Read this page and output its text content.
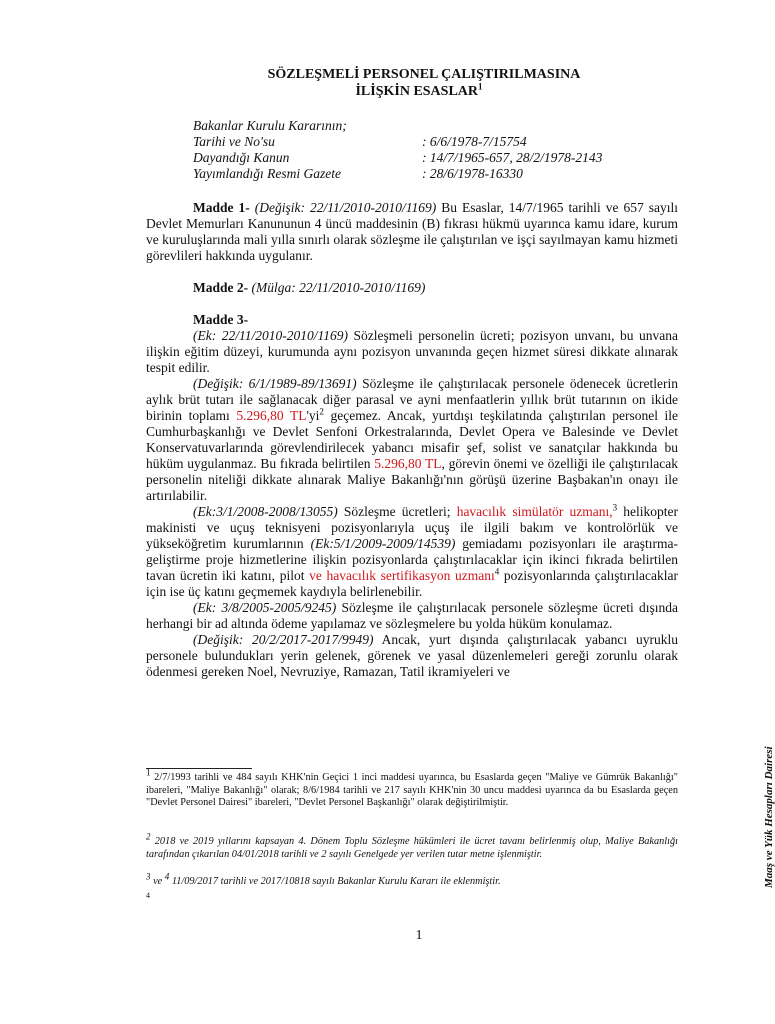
SÖZLEŞMELİ PERSONEL ÇALIŞTIRILMASINA
İLİŞKİN ESASLAR$^1$
Bakanlar Kurulu Kararının;
Tarihi ve No'su	: 6/6/1978-7/15754
Dayandığı Kanun	: 14/7/1965-657, 28/2/1978-2143
Yayımlandığı Resmi Gazete	: 28/6/1978-16330

Madde 1- (Değişik: 22/11/2010-2010/1169) Bu Esaslar, 14/7/1965 tarihli ve 657 sayılı Devlet Memurları Kanununun 4 üncü maddesinin (B) fıkrası hükmü uyarınca kamu idare, kurum ve kuruluşlarında mali yılla sınırlı olarak sözleşme ile çalıştırılan ve işçi sayılmayan kamu hizmeti görevlileri hakkında uygulanır.

Madde 2- (Mülga: 22/11/2010-2010/1169)

Madde 3-

(Ek: 22/11/2010-2010/1169) Sözleşmeli personelin ücreti; pozisyon unvanı, bu unvana ilişkin eğitim düzeyi, kurumunda aynı pozisyon unvanında geçen hizmet süresi dikkate alınarak tespit edilir.

(Değişik: 6/1/1989-89/13691) Sözleşme ile çalıştırılacak personele ödenecek ücretlerin aylık brüt tutarı ile sağlanacak diğer parasal ve ayni menfaatlerin yıllık brüt tutarının on ikide birinin toplamı 5.296,80 $TL'yi^2$ geçemez. Ancak, yurtdışı teşkilatında çalıştırılan personel ile Cumhurbaşkanlığı ve Devlet Senfoni Orkestralarında, Devlet Opera ve Balesinde ve Devlet Konservatuvarlarında görevlendirilecek yabancı misafir şef, solist ve sanatçılar hakkında bu hüküm uygulanmaz. Bu fıkrada belirtilen 5.296,80 TL, görevin önemi ve özelliği ile çalıştırılacak personelin niteliği dikkate alınarak Maliye Bakanlığı'nın görüşü üzerine Başbakan'ın onayı ile artırılabilir.

(Ek:3/1/2008-2008/13055) Sözleşme ücretleri; havacılık simülatör uzmanı,$^3$ helikopter makinisti ve uçuş teknisyeni pozisyonlarıyla uçuş ile ilgili bakım ve kontrolörlük ve yükseköğretim kurumlarının (Ek:5/1/2009-2009/14539) gemiadamı pozisyonları ile araştırma-geliştirme proje hizmetlerine ilişkin pozisyonlarda çalıştırılacaklar için ikinci fıkrada belirtilen tavan ücretin iki katını, pilot ve havacılık sertifikasyon uzmanı$^4$ pozisyonlarında çalıştırılacaklar için ise üç katını geçmemek kaydıyla belirlenebilir.

(Ek: 3/8/2005-2005/9245) Sözleşme ile çalıştırılacak personele sözleşme ücreti dışında herhangi bir ad altında ödeme yapılamaz ve sözleşmelere bu yolda hüküm konulamaz.

(Değişik: 20/2/2017-2017/9949) Ancak, yurt dışında çalıştırılacak yabancı uyruklu personele bulundukları yerin gelenek, görenek ve yasal düzenlemeleri gereği zorunlu olarak ödenmesi gereken Noel, Nevruziye, Ramazan, Tatil ikramiyeleri ve

$^1$ 2/7/1993 tarihli ve 484 sayılı KHK'nin Geçici 1 inci maddesi uyarınca, bu Esaslarda geçen "Maliye ve Gümrük Bakanlığı" ibareleri, "Maliye Bakanlığı" olarak; 8/6/1984 tarihli ve 217 sayılı KHK'nin 30 uncu maddesi uyarınca da bu Esaslarda geçen "Devlet Personel Dairesi" ibareleri, "Devlet Personel Başkanlığı" olarak değiştirilmiştir.
$^2$ 2018 ve 2019 yıllarını kapsayan 4. Dönem Toplu Sözleşme hükümleri ile ücret tavanı belirlenmiş olup, Maliye Bakanlığı tarafından çıkarılan 04/01/2018 tarihli ve 2 sayılı Genelgede yer verilen tutar metne işlenmiştir.
$^3$ ve $^4$ 11/09/2017 tarihli ve 2017/10818 sayılı Bakanlar Kurulu Kararı ile eklenmiştir.
4
Maaş ve Yük Hesapları Dairesi
1
